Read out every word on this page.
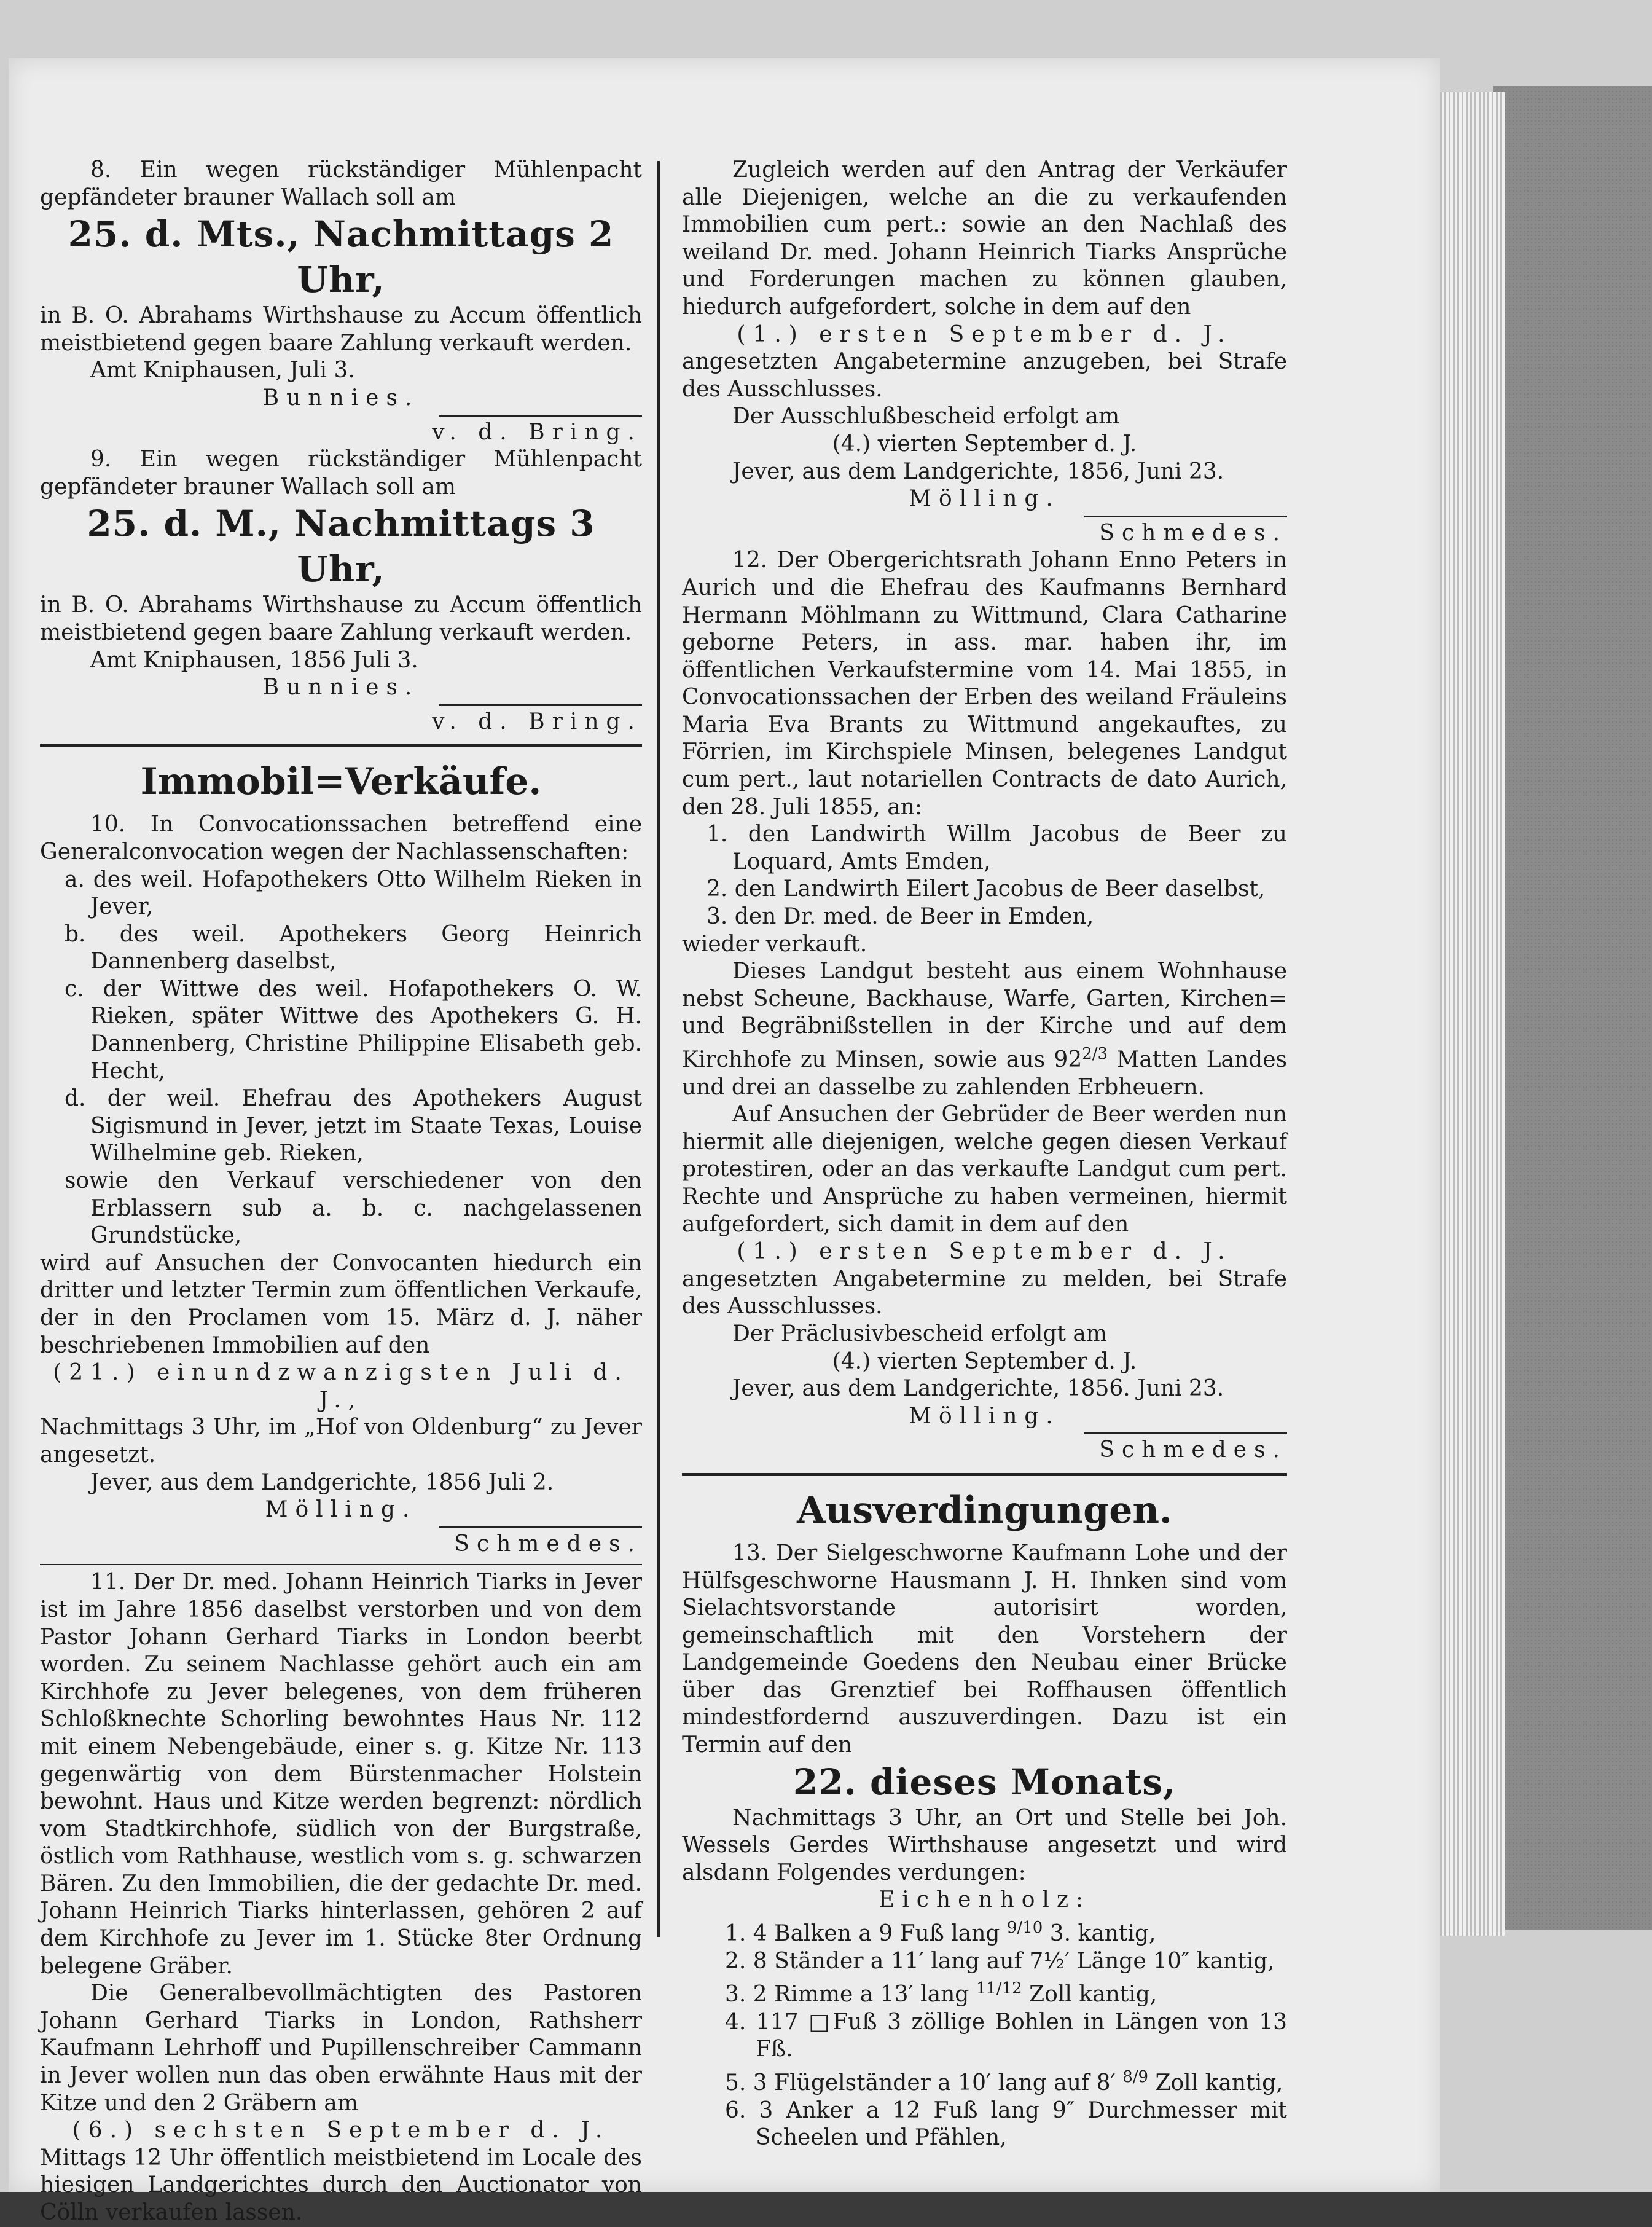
8. Ein wegen rückständiger Mühlenpacht gepfändeter brauner Wallach soll am

25. d. Mts., Nachmittags 2 Uhr,

in B. O. Abrahams Wirthshause zu Accum öffentlich meistbietend gegen baare Zahlung verkauft werden.

Amt Kniphausen, Juli 3.

Bunnies.

v. d. Bring.

9. Ein wegen rückständiger Mühlenpacht gepfändeter brauner Wallach soll am

25. d. M., Nachmittags 3 Uhr,

in B. O. Abrahams Wirthshause zu Accum öffentlich meistbietend gegen baare Zahlung verkauft werden.

Amt Kniphausen, 1856 Juli 3.

Bunnies.

v. d. Bring.

Immobil=Verkäufe.

10. In Convocationssachen betreffend eine Generalconvocation wegen der Nachlassenschaften:

a. des weil. Hofapothekers Otto Wilhelm Rieken in Jever,

b. des weil. Apothekers Georg Heinrich Dannenberg daselbst,

c. der Wittwe des weil. Hofapothekers O. W. Rieken, später Wittwe des Apothekers G. H. Dannenberg, Christine Philippine Elisabeth geb. Hecht,

d. der weil. Ehefrau des Apothekers August Sigismund in Jever, jetzt im Staate Texas, Louise Wilhelmine geb. Rieken,

sowie den Verkauf verschiedener von den Erblassern sub a. b. c. nachgelassenen Grundstücke,

wird auf Ansuchen der Convocanten hiedurch ein dritter und letzter Termin zum öffentlichen Verkaufe, der in den Proclamen vom 15. März d. J. näher beschriebenen Immobilien auf den

(21.) einundzwanzigsten Juli d. J.,

Nachmittags 3 Uhr, im „Hof von Oldenburg“ zu Jever angesetzt.

Jever, aus dem Landgerichte, 1856 Juli 2.

Mölling.

Schmedes.

11. Der Dr. med. Johann Heinrich Tiarks in Jever ist im Jahre 1856 daselbst verstorben und von dem Pastor Johann Gerhard Tiarks in London beerbt worden. Zu seinem Nachlasse gehört auch ein am Kirchhofe zu Jever belegenes, von dem früheren Schloßknechte Schorling bewohntes Haus Nr. 112 mit einem Nebengebäude, einer s. g. Kitze Nr. 113 gegenwärtig von dem Bürstenmacher Holstein bewohnt. Haus und Kitze werden begrenzt: nördlich vom Stadtkirchhofe, südlich von der Burgstraße, östlich vom Rathhause, westlich vom s. g. schwarzen Bären. Zu den Immobilien, die der gedachte Dr. med. Johann Heinrich Tiarks hinterlassen, gehören 2 auf dem Kirchhofe zu Jever im 1. Stücke 8ter Ordnung belegene Gräber.

Die Generalbevollmächtigten des Pastoren Johann Gerhard Tiarks in London, Rathsherr Kaufmann Lehrhoff und Pupillenschreiber Cammann in Jever wollen nun das oben erwähnte Haus mit der Kitze und den 2 Gräbern am

(6.) sechsten September d. J.

Mittags 12 Uhr öffentlich meistbietend im Locale des hiesigen Landgerichtes durch den Auctionator von Cölln verkaufen lassen.

Zugleich werden auf den Antrag der Verkäufer alle Diejenigen, welche an die zu verkaufenden Immobilien cum pert.: sowie an den Nachlaß des weiland Dr. med. Johann Heinrich Tiarks Ansprüche und Forderungen machen zu können glauben, hiedurch aufgefordert, solche in dem auf den

(1.) ersten September d. J.

angesetzten Angabetermine anzugeben, bei Strafe des Ausschlusses.

Der Ausschlußbescheid erfolgt am

(4.) vierten September d. J.

Jever, aus dem Landgerichte, 1856, Juni 23.

Mölling.

Schmedes.

12. Der Obergerichtsrath Johann Enno Peters in Aurich und die Ehefrau des Kaufmanns Bernhard Hermann Möhlmann zu Wittmund, Clara Catharine geborne Peters, in ass. mar. haben ihr, im öffentlichen Verkaufstermine vom 14. Mai 1855, in Convocationssachen der Erben des weiland Fräuleins Maria Eva Brants zu Wittmund angekauftes, zu Förrien, im Kirchspiele Minsen, belegenes Landgut cum pert., laut notariellen Contracts de dato Aurich, den 28. Juli 1855, an:

1. den Landwirth Willm Jacobus de Beer zu Loquard, Amts Emden,

2. den Landwirth Eilert Jacobus de Beer daselbst,

3. den Dr. med. de Beer in Emden,

wieder verkauft.

Dieses Landgut besteht aus einem Wohnhause nebst Scheune, Backhause, Warfe, Garten, Kirchen= und Begräbnißstellen in der Kirche und auf dem Kirchhofe zu Minsen, sowie aus $92^{2/3}$ Matten Landes und drei an dasselbe zu zahlenden Erbheuern.

Auf Ansuchen der Gebrüder de Beer werden nun hiermit alle diejenigen, welche gegen diesen Verkauf protestiren, oder an das verkaufte Landgut cum pert. Rechte und Ansprüche zu haben vermeinen, hiermit aufgefordert, sich damit in dem auf den

(1.) ersten September d. J.

angesetzten Angabetermine zu melden, bei Strafe des Ausschlusses.

Der Präclusivbescheid erfolgt am

(4.) vierten September d. J.

Jever, aus dem Landgerichte, 1856. Juni 23.

Mölling.

Schmedes.

Ausverdingungen.

13. Der Sielgeschworne Kaufmann Lohe und der Hülfsgeschworne Hausmann J. H. Ihnken sind vom Sielachtsvorstande autorisirt worden, gemeinschaftlich mit den Vorstehern der Landgemeinde Goedens den Neubau einer Brücke über das Grenztief bei Roffhausen öffentlich mindestfordernd auszuverdingen. Dazu ist ein Termin auf den

22. dieses Monats,

Nachmittags 3 Uhr, an Ort und Stelle bei Joh. Wessels Gerdes Wirthshause angesetzt und wird alsdann Folgendes verdungen:

Eichenholz:

1. 4 Balken a 9 Fuß lang $^{9/10}$ 3. kantig,

2. 8 Ständer a 11′ lang auf 7½′ Länge 10″ kantig,

3. 2 Rimme a 13′ lang $^{11/12}$ Zoll kantig,

4. 117 □Fuß 3 zöllige Bohlen in Längen von 13 Fß.

5. 3 Flügelständer a 10′ lang auf 8′ $^{8/9}$ Zoll kantig,

6. 3 Anker a 12 Fuß lang 9″ Durchmesser mit Scheelen und Pfählen,
